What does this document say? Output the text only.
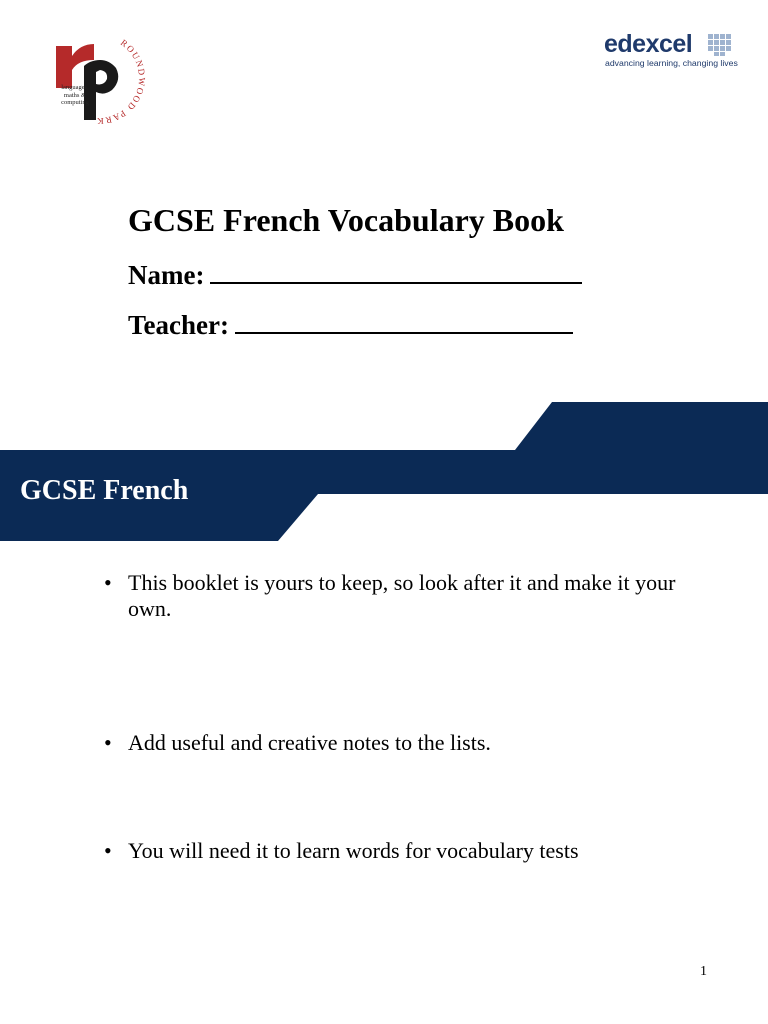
ROUNDWOOD PARK
languages,
maths &
computing
edexcel
advancing learning, changing lives
GCSE French Vocabulary Book
Name:
Teacher:
GCSE French
• This booklet is yours to keep, so look after it and make it your own.
• Add useful and creative notes to the lists.
• You will need it to learn words for vocabulary tests
1
